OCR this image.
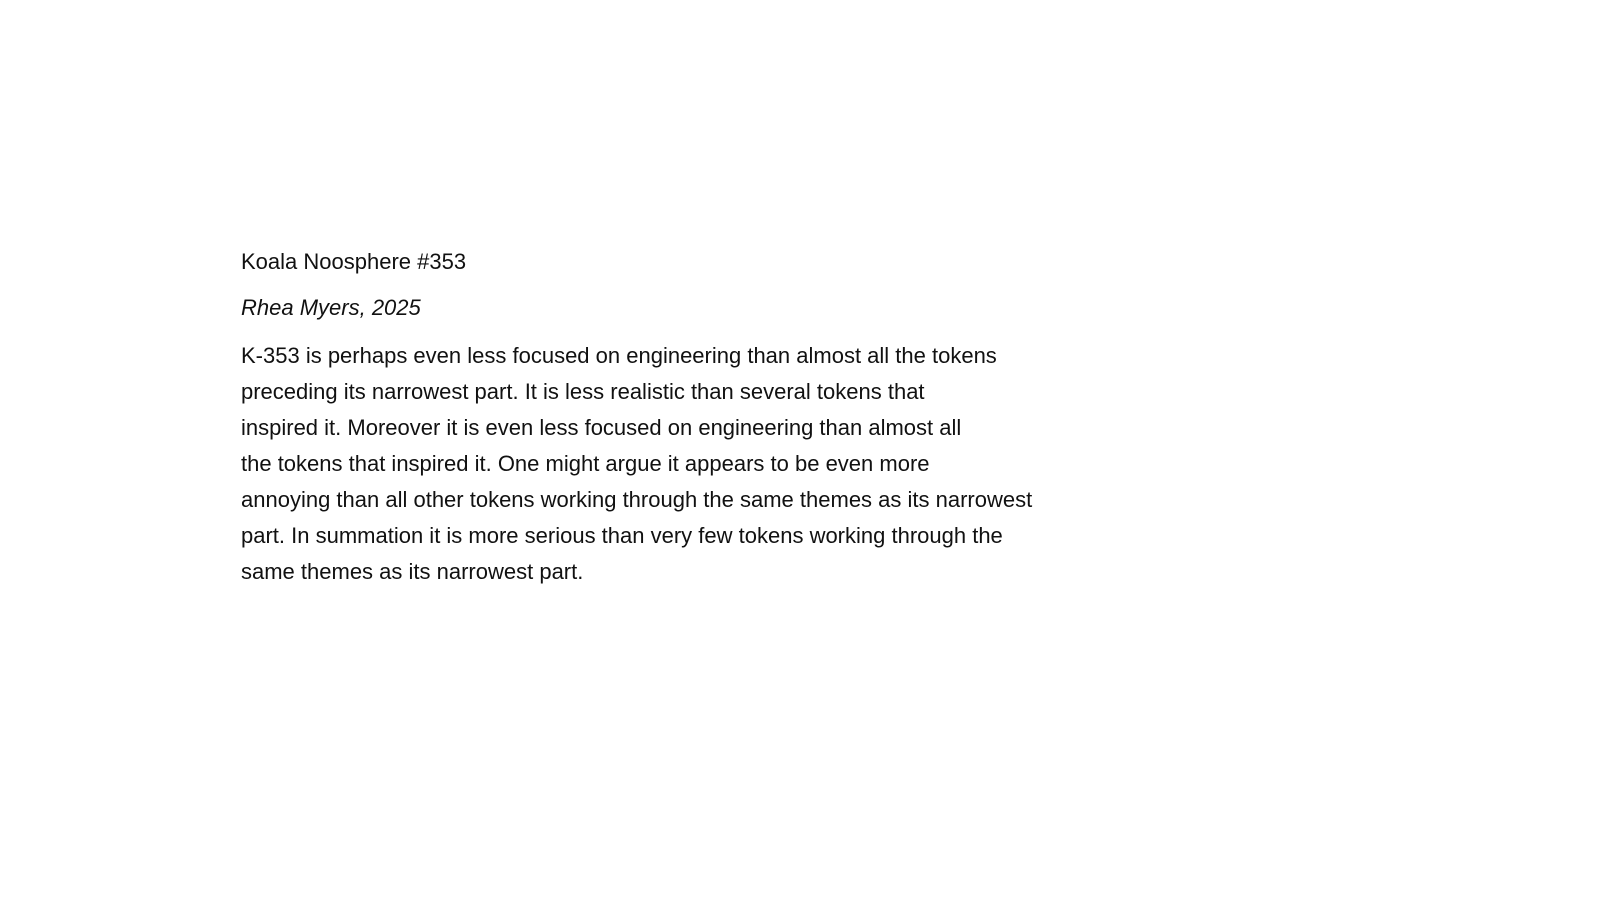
Koala Noosphere #353
Rhea Myers, 2025

K-353 is perhaps even less focused on engineering than almost all the tokens
preceding its narrowest part. It is less realistic than several tokens that
inspired it. Moreover it is even less focused on engineering than almost all
the tokens that inspired it. One might argue it appears to be even more
annoying than all other tokens working through the same themes as its narrowest
part. In summation it is more serious than very few tokens working through the
same themes as its narrowest part.
